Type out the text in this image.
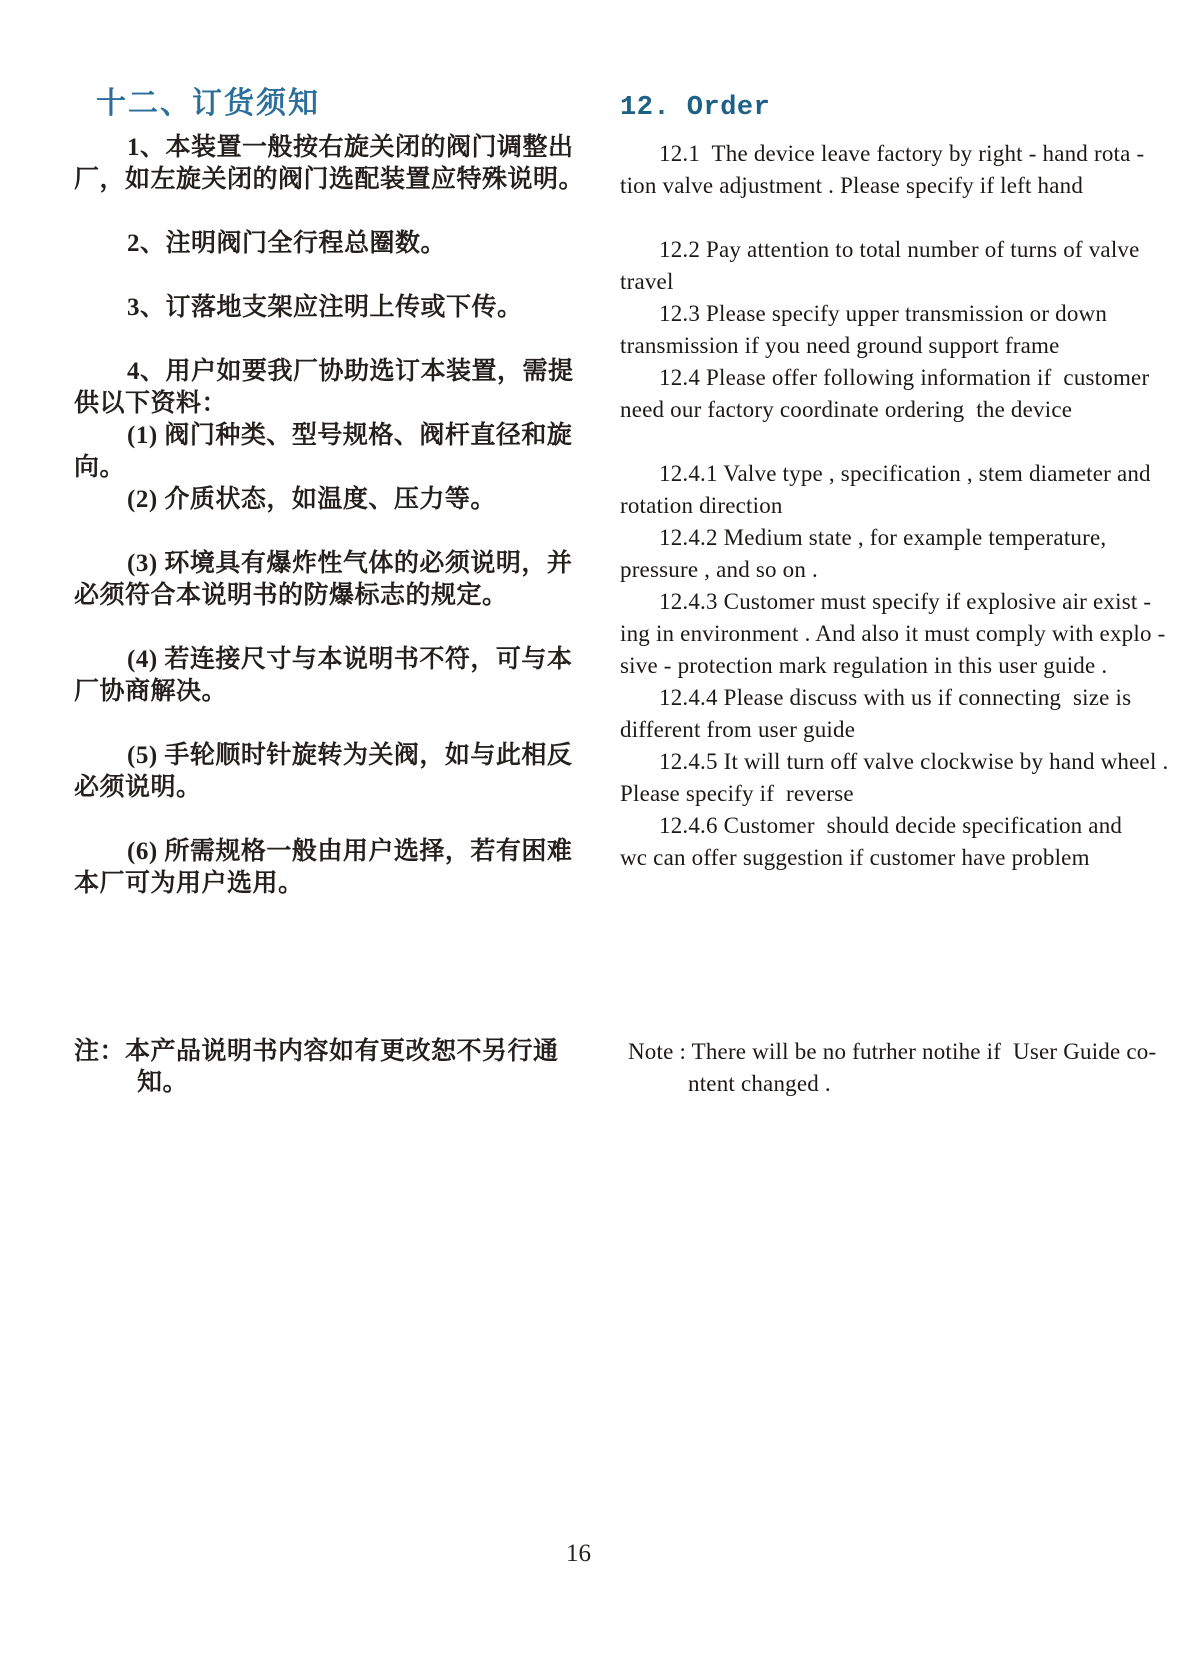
十二、订货须知
1、本装置一般按右旋关闭的阀门调整出
厂，如左旋关闭的阀门选配装置应特殊说明。
2、注明阀门全行程总圈数。
3、订落地支架应注明上传或下传。
4、用户如要我厂协助选订本装置，需提
供以下资料：
(1) 阀门种类、型号规格、阀杆直径和旋
向。
(2) 介质状态，如温度、压力等。
(3) 环境具有爆炸性气体的必须说明，并
必须符合本说明书的防爆标志的规定。
(4) 若连接尺寸与本说明书不符，可与本
厂协商解决。
(5) 手轮顺时针旋转为关阀，如与此相反
必须说明。
(6) 所需规格一般由用户选择，若有困难
本厂可为用户选用。
注：本产品说明书内容如有更改恕不另行通
知。
12. Order
12.1  The device leave factory by right - hand rota -
tion valve adjustment . Please specify if left hand
12.2 Pay attention to total number of turns of valve
travel
12.3 Please specify upper transmission or down
transmission if you need ground support frame
12.4 Please offer following information if  customer
need our factory coordinate ordering  the device
12.4.1 Valve type , specification , stem diameter and
rotation direction
12.4.2 Medium state , for example temperature,
pressure , and so on .
12.4.3 Customer must specify if explosive air exist -
ing in environment . And also it must comply with explo -
sive - protection mark regulation in this user guide .
12.4.4 Please discuss with us if connecting  size is
different from user guide
12.4.5 It will turn off valve clockwise by hand wheel .
Please specify if  reverse
12.4.6 Customer  should decide specification and
wc can offer suggestion if customer have problem
Note : There will be no futrher notihe if  User Guide co-
ntent changed .
16
